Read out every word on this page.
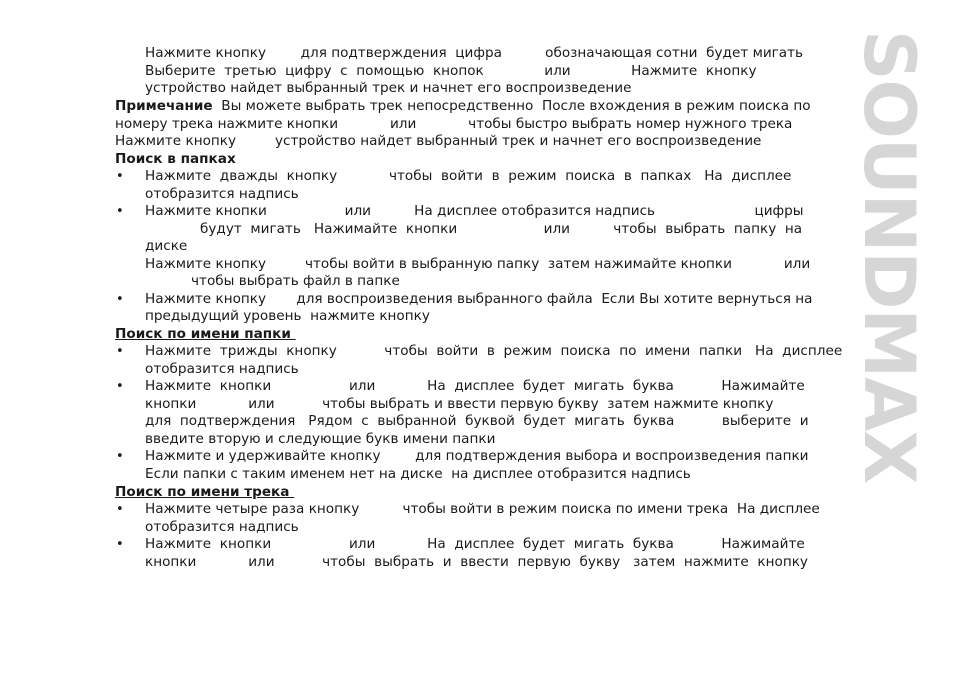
Нажмите кнопку        для подтверждения  цифра          обозначающая сотни  будет мигать
Выберите  третью  цифру  с  помощью  кнопок              или              Нажмите  кнопку
устройство найдет выбранный трек и начнет его воспроизведение
Примечание  Вы можете выбрать трек непосредственно  После вхождения в режим поиска по
номеру трека нажмите кнопки            или            чтобы быстро выбрать номер нужного трека
Нажмите кнопку         устройство найдет выбранный трек и начнет его воспроизведение
Поиск в папках
• Нажмите  дважды  кнопку            чтобы  войти  в  режим  поиска  в  папках   На  дисплее
отобразится надпись
• Нажмите кнопки                  или          На дисплее отобразится надпись                       цифры
будут  мигать   Нажимайте  кнопки                    или          чтобы  выбрать  папку  на
диске
Нажмите кнопку         чтобы войти в выбранную папку  затем нажимайте кнопки            или
чтобы выбрать файл в папке
• Нажмите кнопку       для воспроизведения выбранного файла  Если Вы хотите вернуться на
предыдущий уровень  нажмите кнопку
Поиск по имени папки
• Нажмите  трижды  кнопку           чтобы  войти  в  режим  поиска  по  имени  папки   На  дисплее
отобразится надпись
• Нажмите  кнопки                  или            На  дисплее  будет  мигать  буква           Нажимайте
кнопки            или           чтобы выбрать и ввести первую букву  затем нажмите кнопку
для  подтверждения   Рядом  с  выбранной  буквой  будет  мигать  буква           выберите  и
введите вторую и следующие букв имени папки
• Нажмите и удерживайте кнопку        для подтверждения выбора и воспроизведения папки
Если папки с таким именем нет на диске  на дисплее отобразится надпись
Поиск по имени трека
• Нажмите четыре раза кнопку          чтобы войти в режим поиска по имени трека  На дисплее
отобразится надпись
• Нажмите  кнопки                  или            На  дисплее  будет  мигать  буква           Нажимайте
кнопки            или           чтобы  выбрать  и  ввести  первую  букву   затем  нажмите  кнопку
SOUNDMAX
